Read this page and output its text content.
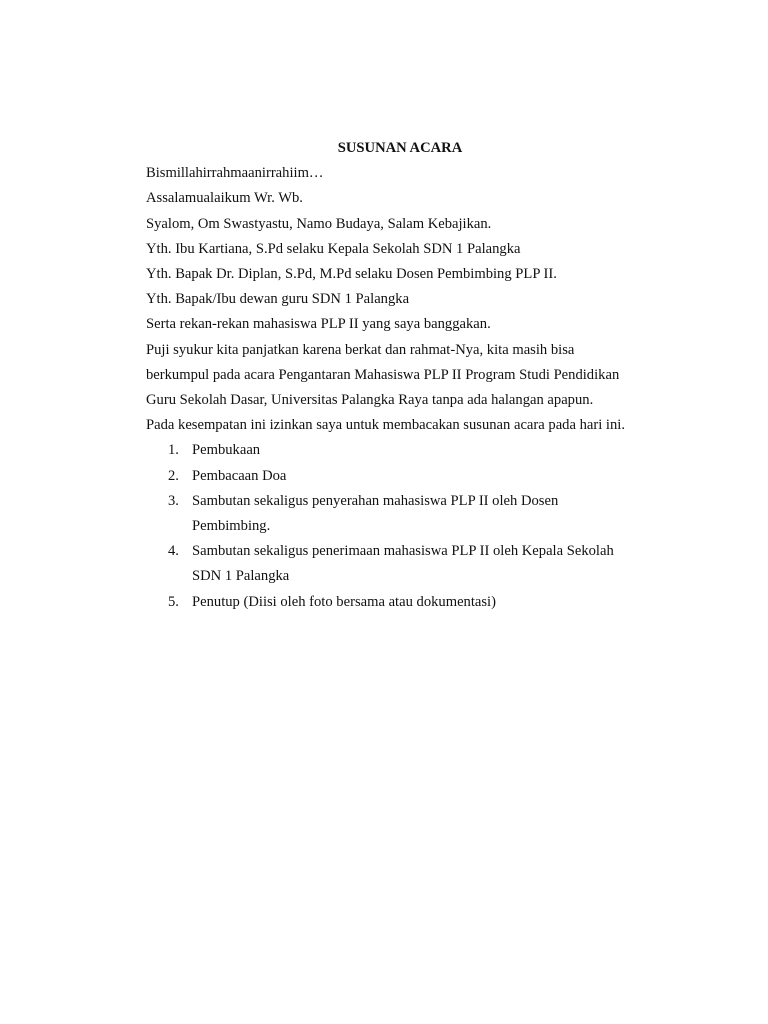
SUSUNAN ACARA

Bismillahirrahmaanirrahiim…

Assalamualaikum Wr. Wb.

Syalom, Om Swastyastu, Namo Budaya, Salam Kebajikan.

Yth. Ibu Kartiana, S.Pd selaku Kepala Sekolah SDN 1 Palangka

Yth. Bapak Dr. Diplan, S.Pd, M.Pd selaku Dosen Pembimbing PLP II.

Yth. Bapak/Ibu dewan guru SDN 1 Palangka

Serta rekan-rekan mahasiswa PLP II yang saya banggakan.

Puji syukur kita panjatkan karena berkat dan rahmat-Nya, kita masih bisa
berkumpul pada acara Pengantaran Mahasiswa PLP II Program Studi Pendidikan
Guru Sekolah Dasar, Universitas Palangka Raya tanpa ada halangan apapun.

Pada kesempatan ini izinkan saya untuk membacakan susunan acara pada hari ini.

1. Pembukaan
2. Pembacaan Doa
3. Sambutan sekaligus penyerahan mahasiswa PLP II oleh Dosen
Pembimbing.
4. Sambutan sekaligus penerimaan mahasiswa PLP II oleh Kepala Sekolah
SDN 1 Palangka
5. Penutup (Diisi oleh foto bersama atau dokumentasi)
